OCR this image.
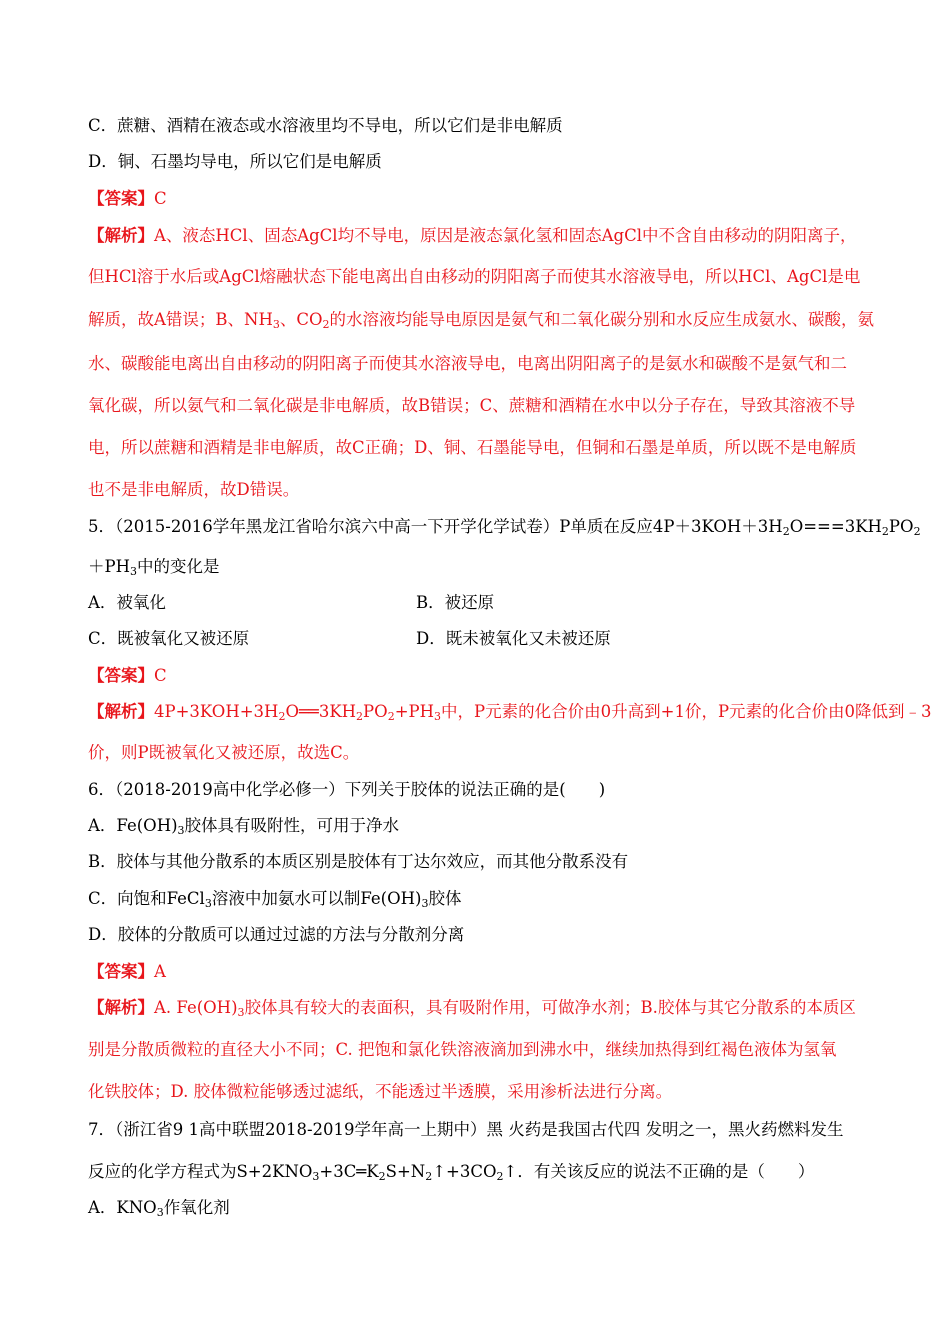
C．蔗糖、酒精在液态或水溶液里均不导电，所以它们是非电解质
D．铜、石墨均导电，所以它们是电解质
【答案】C
【解析】A、液态HCl、固态AgCl均不导电，原因是液态氯化氢和固态AgCl中不含自由移动的阴阳离子，
但HCl溶于水后或AgCl熔融状态下能电离出自由移动的阴阳离子而使其水溶液导电，所以HCl、AgCl是电
解质，故A错误；B、$NH_3$、$CO_2$的水溶液均能导电原因是氨气和二氧化碳分别和水反应生成氨水、碳酸，氨
水、碳酸能电离出自由移动的阴阳离子而使其水溶液导电，电离出阴阳离子的是氨水和碳酸不是氨气和二
氧化碳，所以氨气和二氧化碳是非电解质，故B错误；C、蔗糖和酒精在水中以分子存在，导致其溶液不导
电，所以蔗糖和酒精是非电解质，故C正确；D、铜、石墨能导电，但铜和石墨是单质，所以既不是电解质
也不是非电解质，故D错误。
5．（2015-2016学年黑龙江省哈尔滨六中高一下开学化学试卷）P单质在反应$4P+3KOH+3H_2O===3KH_2PO_2$
$+PH_3$中的变化是
A．被氧化	B．被还原
C．既被氧化又被还原	D．既未被氧化又未被还原
【答案】C
【解析】$4P+3KOH+3H_2O══3KH_2PO_2+PH_3$中，P元素的化合价由0升高到+1价，P元素的化合价由0降低到﹣3
价，则P既被氧化又被还原，故选C。
6．（2018-2019高中化学必修一）下列关于胶体的说法正确的是(　　)
A．$Fe(OH)_3$胶体具有吸附性，可用于净水
B．胶体与其他分散系的本质区别是胶体有丁达尔效应，而其他分散系没有
C．向饱和FeCl$_3$溶液中加氨水可以制$Fe(OH)_3$胶体
D．胶体的分散质可以通过过滤的方法与分散剂分离
【答案】A
【解析】A. $Fe(OH)_3$胶体具有较大的表面积，具有吸附作用，可做净水剂；B.胶体与其它分散系的本质区
别是分散质微粒的直径大小不同；C. 把饱和氯化铁溶液滴加到沸水中，继续加热得到红褐色液体为氢氧
化铁胶体；D. 胶体微粒能够透过滤纸，不能透过半透膜，采用渗析法进行分离。
7．（浙江省9 1高中联盟2018-2019学年高一上期中）黑 火药是我国古代四 发明之一，黑火药燃料发生
反应的化学方程式为$S+2KNO_3+3C═K_2S+N_2↑+3CO_2↑$．有关该反应的说法不正确的是（　　）
A．$KNO_3$作氧化剂
